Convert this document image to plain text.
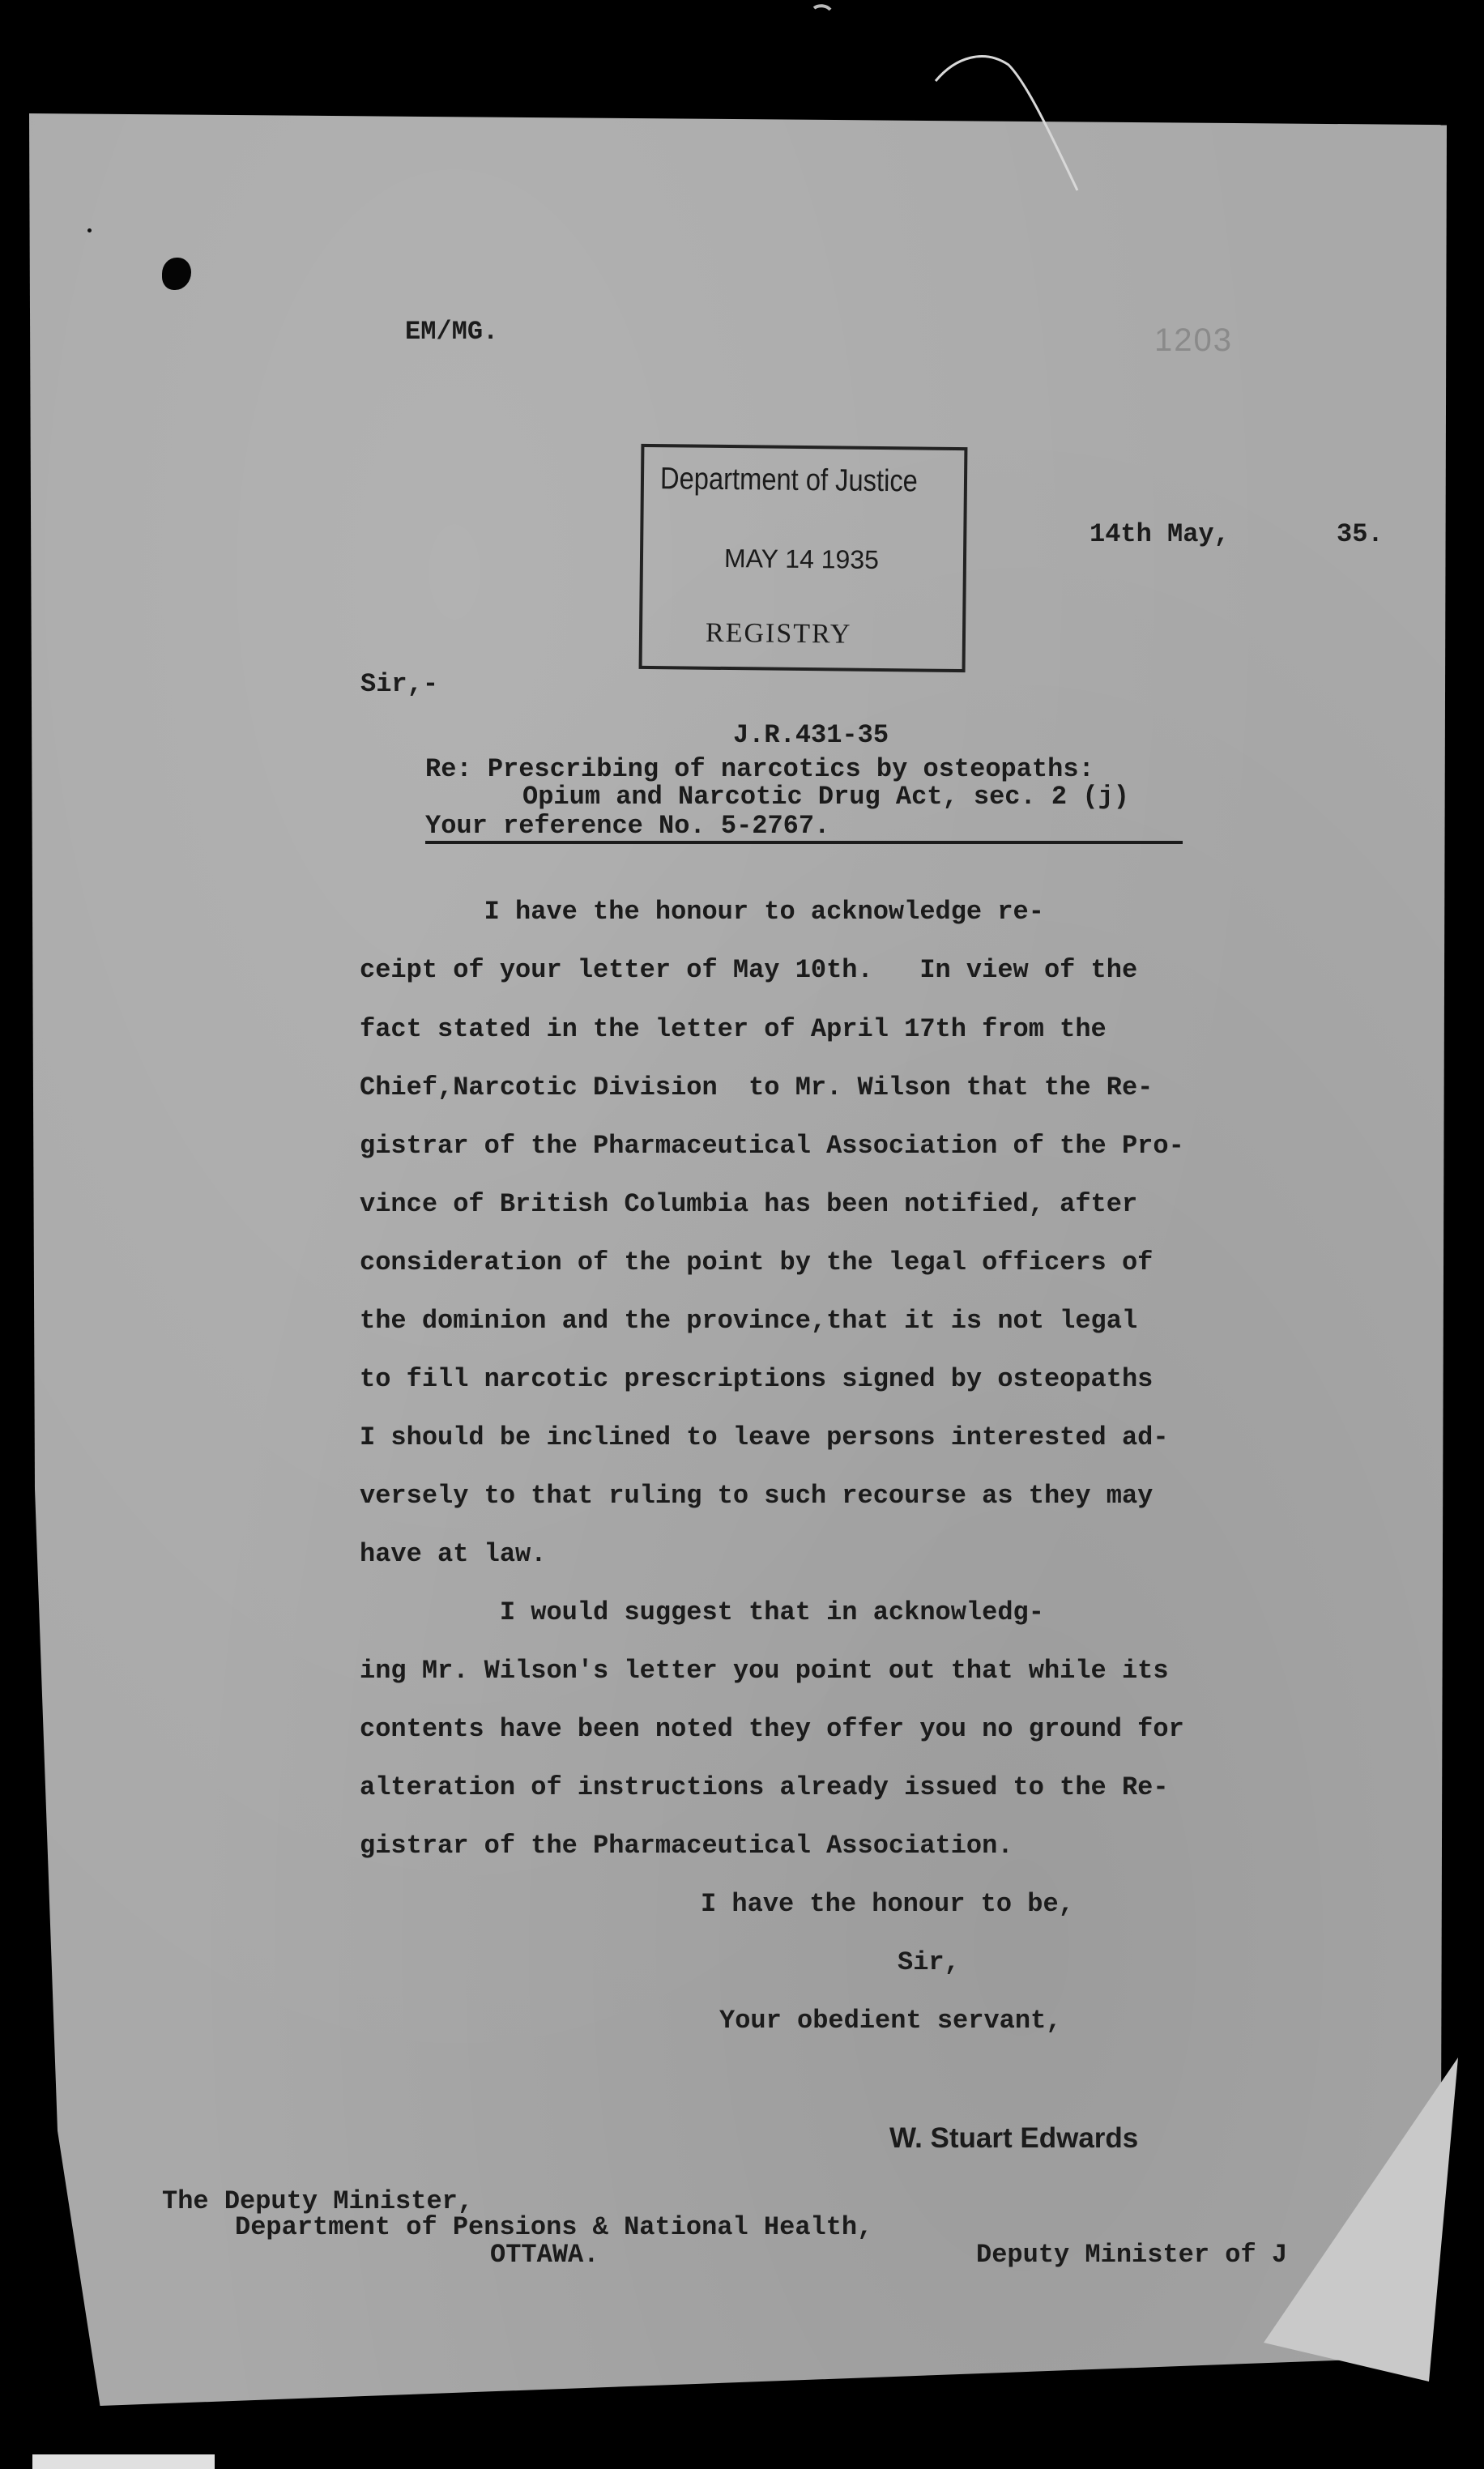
EM/MG.	1203
Department of Justice
MAY 14 1935
REGISTRY
14th May,	35.
Sir,-
J.R.431-35
Re: Prescribing of narcotics by osteopaths:
Opium and Narcotic Drug Act, sec. 2 (j)
Your reference No. 5-2767.
I have the honour to acknowledge re-
ceipt of your letter of May 10th.   In view of the
fact stated in the letter of April 17th from the
Chief,Narcotic Division  to Mr. Wilson that the Re-
gistrar of the Pharmaceutical Association of the Pro-
vince of British Columbia has been notified, after
consideration of the point by the legal officers of
the dominion and the province,that it is not legal
to fill narcotic prescriptions signed by osteopaths
I should be inclined to leave persons interested ad-
versely to that ruling to such recourse as they may
have at law.
I would suggest that in acknowledg-
ing Mr. Wilson's letter you point out that while its
contents have been noted they offer you no ground for
alteration of instructions already issued to the Re-
gistrar of the Pharmaceutical Association.
I have the honour to be,
Sir,
Your obedient servant,
W. Stuart Edwards
The Deputy Minister,
Department of Pensions & National Health,
OTTAWA.	Deputy Minister of J
